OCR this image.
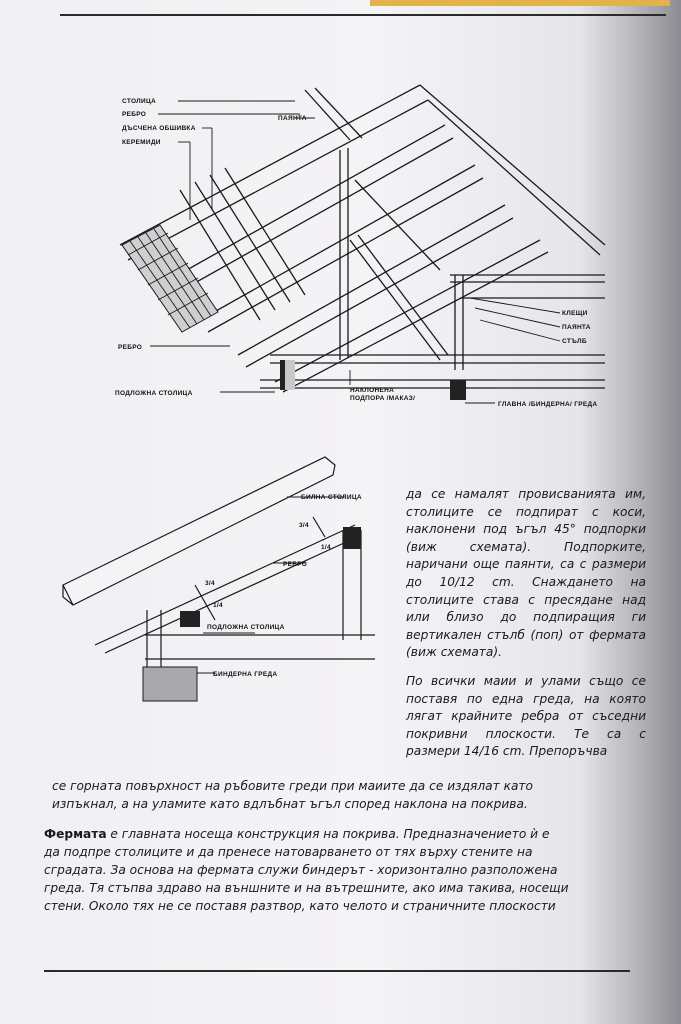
СТОЛИЦА
РЕБРО
ДЪСЧЕНА ОБШИВКА
КЕРЕМИДИ
ПАЯНТА
РЕБРО
ПОДЛОЖНА СТОЛИЦА	НАКЛОНЕНА
ПОДПОРА /МАКАЗ/
ГЛАВНА /БИНДЕРНА/ ГРЕДА
КЛЕЩИ
ПАЯНТА
СТЪЛБ
БИЛНА СТОЛИЦА
РЕБРО
ПОДЛОЖНА СТОЛИЦА
БИНДЕРНА ГРЕДА
3/4
1/4
3/4
1/4

да се намалят провисванията им, столиците се подпират с коси, наклонени под ъгъл 45° подпорки (виж схемата). Подпорките, наричани още паянти, са с размери до 10/12 cm. Снаждането на столиците става с пресядане над или близо до подпиращия ги вертикален стълб (поп) от фермата (виж схемата).

По всички маии и улами също се поставя по една греда, на която лягат крайните ребра от съседни покривни плоскости. Те са с размери 14/16 cm. Препоръчва

се горната повърхност на ръбовите греди при маиите да се издялат като
изпъкнал, а на уламите като вдлъбнат ъгъл според наклона на покрива.
Фермата е главната носеща конструкция на покрива. Предназначението ѝ е
да подпре столиците и да пренесе натоварването от тях върху стените на
сградата. За основа на фермата служи биндерът - хоризонтално разположена
греда. Тя стъпва здраво на външните и на вътрешните, ако има такива, носещи
стени. Около тях не се поставя разтвор, като челото и страничните плоскости
